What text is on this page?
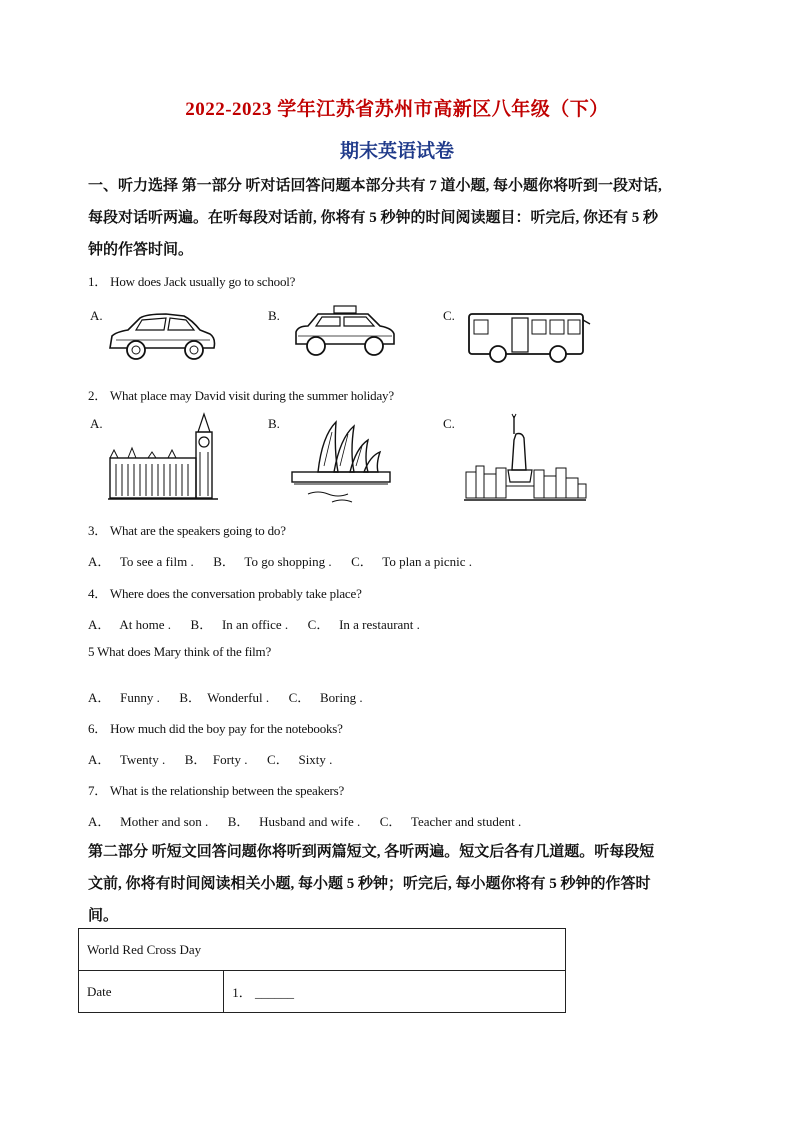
2022-2023 学年江苏省苏州市高新区八年级（下）
期末英语试卷
一、听力选择 第一部分 听对话回答问题本部分共有 7 道小题, 每小题你将听到一段对话,
每段对话听两遍。在听每段对话前, 你将有 5 秒钟的时间阅读题目：听完后, 你还有 5 秒
钟的作答时间。
1． How does Jack usually go to school?
A.	B.	C.
2． What place may David visit during the summer holiday?
A.	B.	C.
3． What are the speakers going to do?
A．   To see a film .      B．   To go shopping .      C．   To plan a picnic .
4． Where does the conversation probably take place?
A．   At home .      B．   In an office .      C．   In a restaurant .
5 What does Mary think of the film?
A．   Funny .      B．  Wonderful .      C．   Boring .
6． How much did the boy pay for the notebooks?
A．   Twenty .      B．  Forty .      C．   Sixty .
7． What is the relationship between the speakers?
A．   Mother and son .      B．   Husband and wife .      C．   Teacher and student .
第二部分 听短文回答问题你将听到两篇短文, 各听两遍。短文后各有几道题。听每段短
文前, 你将有时间阅读相关小题, 每小题 5 秒钟；听完后, 每小题你将有 5 秒钟的作答时
间。
World Red Cross Day
Date	1． ______
